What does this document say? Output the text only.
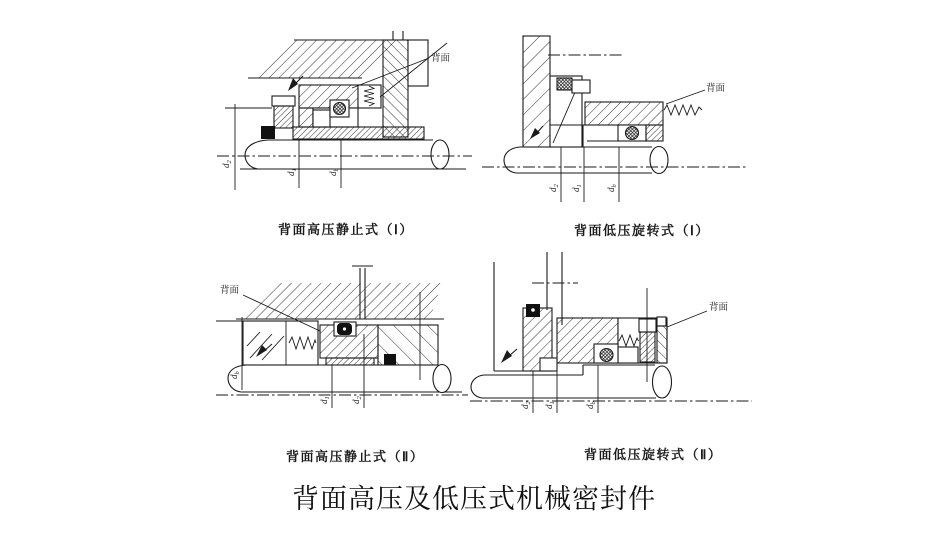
背面
$d_2$
$d_1$
$d_b$
背面
$d_2$
$d_1$
$d_b$
背面
$d_b$
$d_1$
$d_2$
背面
$d_2$
$d_1$
$d_b$
背面高压静止式（Ⅰ）	背面低压旋转式（Ⅰ）
背面高压静止式（Ⅱ）	背面低压旋转式（Ⅱ）
背面高压及低压式机械密封件
